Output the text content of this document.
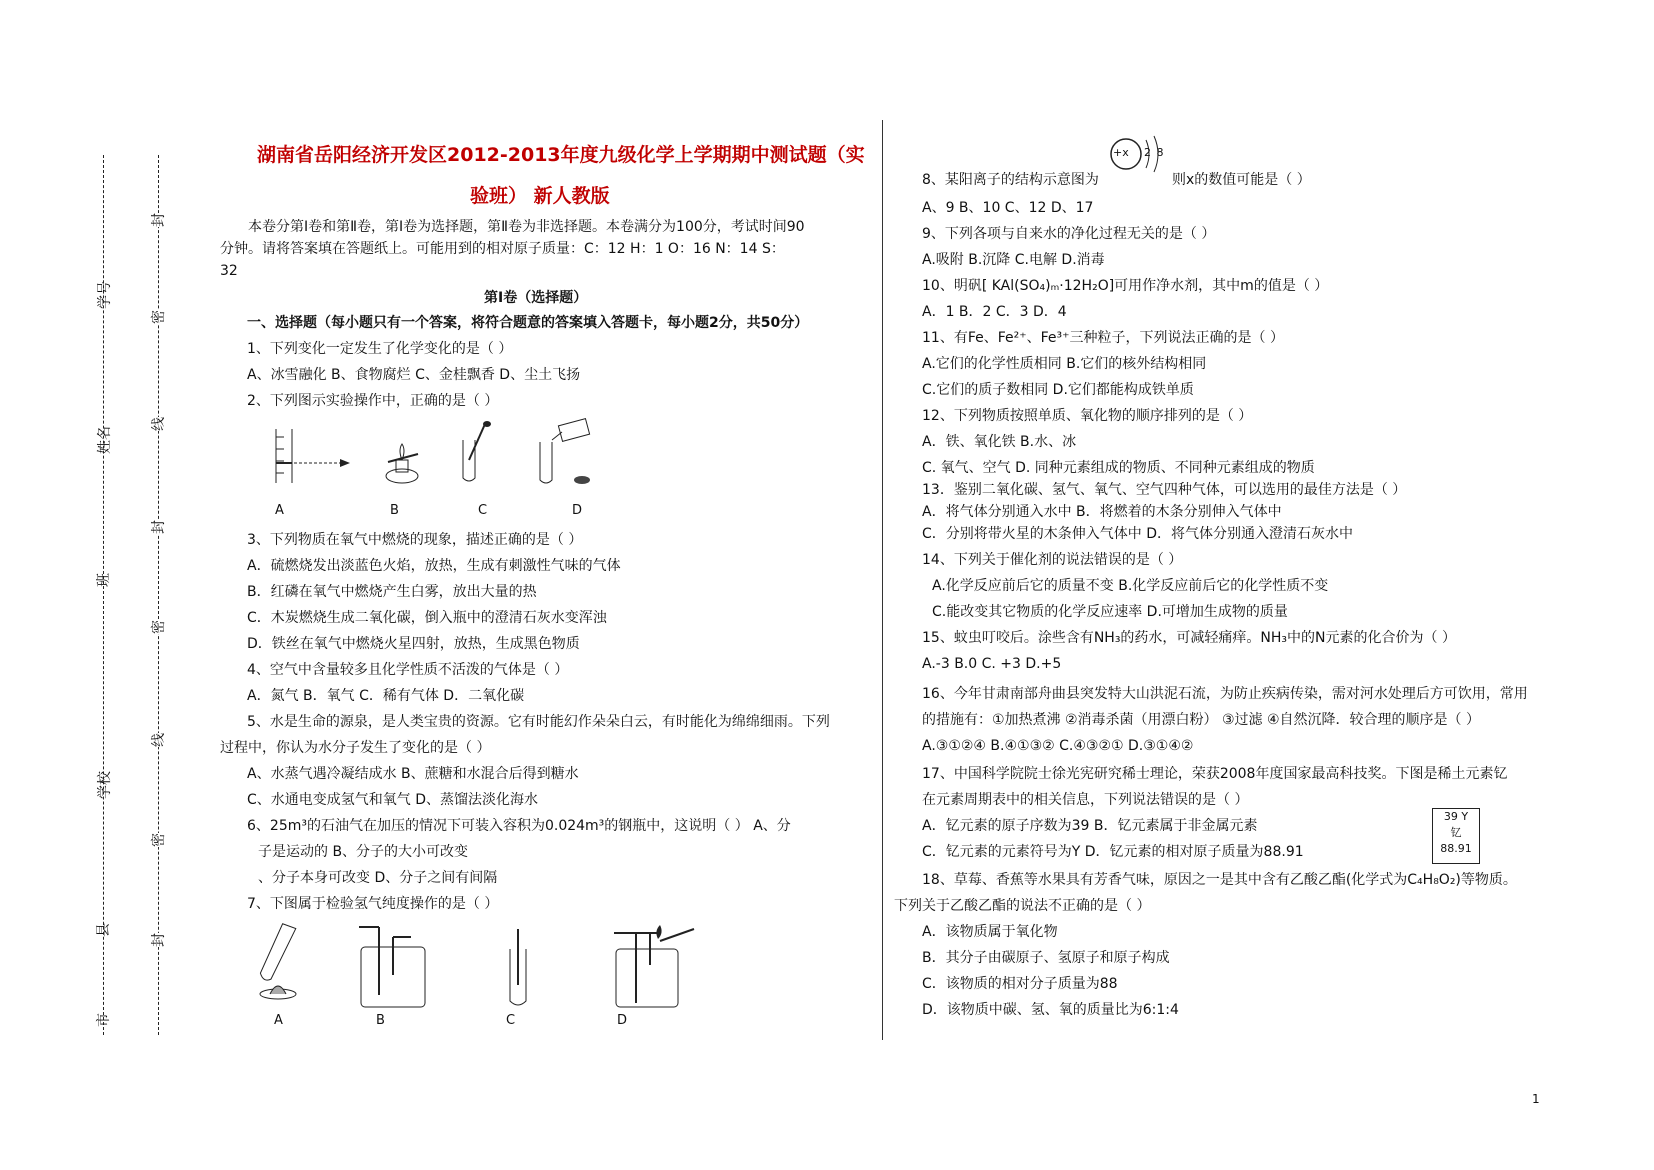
市
县
学校
班
姓名
学号
封
密
线
封
密
线
密
封
湖南省岳阳经济开发区2012-2013年度九级化学上学期期中测试题（实
验班） 新人教版
本卷分第Ⅰ卷和第Ⅱ卷，第Ⅰ卷为选择题，第Ⅱ卷为非选择题。本卷满分为100分，考试时间90
分钟。请将答案填在答题纸上。可能用到的相对原子质量：C：12 H：1 O：16 N：14 S：
32
第Ⅰ卷（选择题）
一、选择题（每小题只有一个答案，将符合题意的答案填入答题卡，每小题2分，共50分）
1、下列变化一定发生了化学变化的是（ ）
A、冰雪融化 B、食物腐烂 C、金桂飘香 D、尘土飞扬
2、下列图示实验操作中，正确的是（ ）
A	B	C	D
3、下列物质在氧气中燃烧的现象，描述正确的是（ ）
A．硫燃烧发出淡蓝色火焰，放热，生成有刺激性气味的气体
B．红磷在氧气中燃烧产生白雾，放出大量的热
C．木炭燃烧生成二氧化碳，倒入瓶中的澄清石灰水变浑浊
D．铁丝在氧气中燃烧火星四射，放热，生成黑色物质
4、空气中含量较多且化学性质不活泼的气体是（ ）
A．氮气 B．氧气 C．稀有气体 D．二氧化碳
5、水是生命的源泉，是人类宝贵的资源。它有时能幻作朵朵白云，有时能化为绵绵细雨。下列
过程中，你认为水分子发生了变化的是（ ）
A、水蒸气遇冷凝结成水 B、蔗糖和水混合后得到糖水
C、水通电变成氢气和氧气 D、蒸馏法淡化海水
6、25m³的石油气在加压的情况下可装入容积为0.024m³的钢瓶中，这说明（ ） A、分
子是运动的 B、分子的大小可改变
、分子本身可改变 D、分子之间有间隔
7、下图属于检验氢气纯度操作的是（ ）
A	B	C	D
8、某阳离子的结构示意图为
+x 2 8
则x的数值可能是（ ）
A、9 B、10 C、12 D、17
9、下列各项与自来水的净化过程无关的是（ ）
A.吸附 B.沉降 C.电解 D.消毒
10、明矾[ KAl(SO₄)ₘ·12H₂O]可用作净水剂，其中m的值是（ ）
A．1 B．2 C．3 D．4
11、有Fe、Fe²⁺、Fe³⁺三种粒子，下列说法正确的是（ ）
A.它们的化学性质相同 B.它们的核外结构相同
C.它们的质子数相同 D.它们都能构成铁单质
12、下列物质按照单质、氧化物的顺序排列的是（ ）
A．铁、氧化铁 B.水、冰
C. 氧气、空气 D. 同种元素组成的物质、不同种元素组成的物质
13．鉴别二氧化碳、氢气、氧气、空气四种气体，可以选用的最佳方法是（ ）
A．将气体分别通入水中 B．将燃着的木条分别伸入气体中
C．分别将带火星的木条伸入气体中 D．将气体分别通入澄清石灰水中
14、下列关于催化剂的说法错误的是（ ）
A.化学反应前后它的质量不变 B.化学反应前后它的化学性质不变
C.能改变其它物质的化学反应速率 D.可增加生成物的质量
15、蚊虫叮咬后。涂些含有NH₃的药水，可减轻痛痒。NH₃中的N元素的化合价为（ ）
A.-3 B.0 C. +3 D.+5
16、今年甘肃南部舟曲县突发特大山洪泥石流，为防止疾病传染，需对河水处理后方可饮用，常用
的措施有：①加热煮沸 ②消毒杀菌（用漂白粉） ③过滤 ④自然沉降．较合理的顺序是（ ）
A.③①②④ B.④①③② C.④③②① D.③①④②
17、中国科学院院士徐光宪研究稀士理论，荣获2008年度国家最高科技奖。下图是稀土元素钇
在元素周期表中的相关信息，下列说法错误的是（ ）
A．钇元素的原子序数为39 B．钇元素属于非金属元素
C．钇元素的元素符号为Y D．钇元素的相对原子质量为88.91
39 Y
钇
88.91
18、草莓、香蕉等水果具有芳香气味，原因之一是其中含有乙酸乙酯(化学式为C₄H₈O₂)等物质。
下列关于乙酸乙酯的说法不正确的是（ ）
A．该物质属于氧化物
B．其分子由碳原子、氢原子和原子构成
C．该物质的相对分子质量为88
D．该物质中碳、氢、氧的质量比为6:1:4
1
